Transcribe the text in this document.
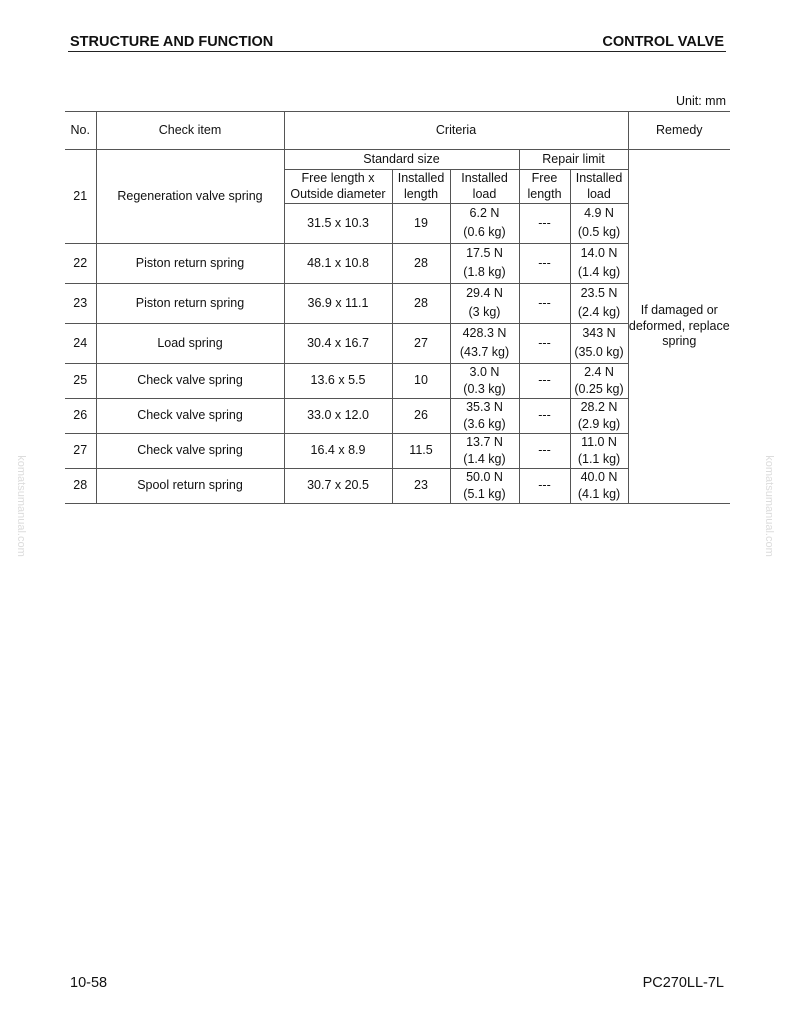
STRUCTURE AND FUNCTION	CONTROL VALVE
Unit: mm
No.	Check item	Criteria					Remedy
21	Regeneration valve spring	Standard size			Repair limit		If damaged or deformed, replace spring
		Free length x Outside diameter	Installed length	Installed load	Free length	Installed load	
		31.5 x 10.3	19	6.2 N	---	4.9 N	
				(0.6 kg)		(0.5 kg)	
22	Piston return spring	48.1 x 10.8	28	17.5 N	---	14.0 N	
				(1.8 kg)		(1.4 kg)	
23	Piston return spring	36.9 x 11.1	28	29.4 N	---	23.5 N	
				(3 kg)		(2.4 kg)	
24	Load spring	30.4 x 16.7	27	428.3 N	---	343 N	
				(43.7 kg)		(35.0 kg)	
25	Check valve spring	13.6 x 5.5	10	3.0 N	---	2.4 N	
				(0.3 kg)		(0.25 kg)	
26	Check valve spring	33.0 x 12.0	26	35.3 N	---	28.2 N	
				(3.6 kg)		(2.9 kg)	
27	Check valve spring	16.4 x 8.9	11.5	13.7 N	---	11.0 N	
				(1.4 kg)		(1.1 kg)	
28	Spool return spring	30.7 x 20.5	23	50.0 N	---	40.0 N	
				(5.1 kg)		(4.1 kg)	
komatsumanual.com	komatsumanual.com
10-58	PC270LL-7L
